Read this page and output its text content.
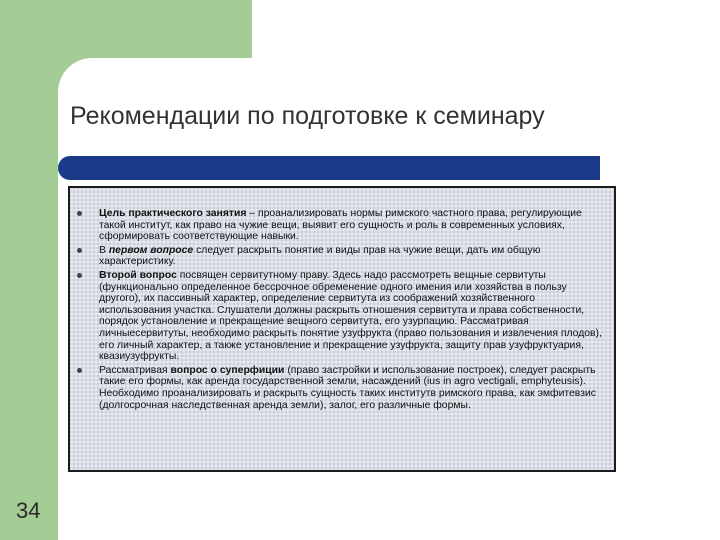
Рекомендации по подготовке к семинару
Цель практического занятия – проанализировать нормы римского частного права, регулирующие такой институт, как право на чужие вещи, выявит его сущность и роль в современных условиях, сформировать соответствующие навыки.
В первом вопросе следует раскрыть понятие и виды прав на чужие вещи, дать им общую характеристику.
Второй вопрос посвящен сервитутному праву. Здесь надо рассмотреть вещные сервитуты (функционально определенное бессрочное обременение одного имения или хозяйства в пользу другого), их пассивный характер, определение сервитута из соображений хозяйственного использования участка. Слушатели должны раскрыть отношения сервитута и права собственности, порядок установление и прекращение вещного сервитута, его узурпацию. Рассматривая личныесервитуты, необходимо раскрыть понятие узуфрукта (право пользования и извлечения плодов), его личный характер, а также установление и прекращение узуфрукта, защиту прав узуфруктуария, квазиузуфрукты.
Рассматривая вопрос о суперфиции (право застройки и использование построек), следует раскрыть такие его формы, как аренда государственной земли, насаждений (ius in agro vectigali, emphyteusis). Необходимо проанализировать и раскрыть сущность таких институтв римского права, как эмфитевзис (долгосрочная наследственная аренда земли), залог, его различные формы.
34
